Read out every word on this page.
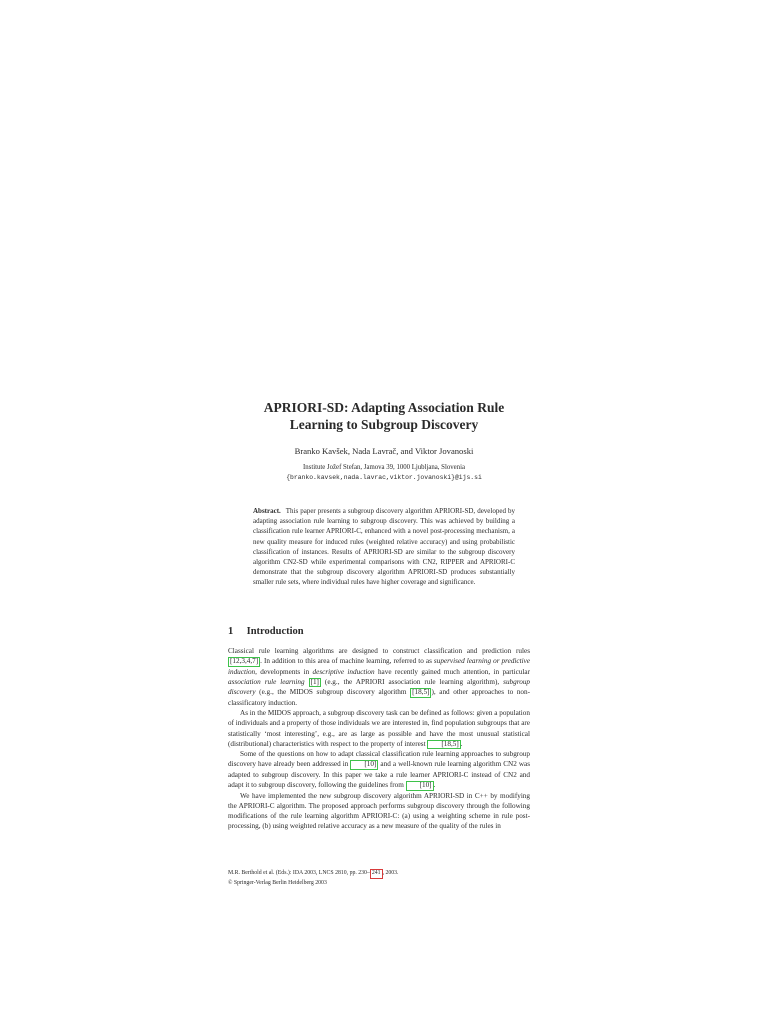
APRIORI-SD: Adapting Association Rule
Learning to Subgroup Discovery
Branko Kavšek, Nada Lavrač, and Viktor Jovanoski
Institute Jožef Stefan, Jamova 39, 1000 Ljubljana, Slovenia
{branko.kavsek,nada.lavrac,viktor.jovanoski}@ijs.si
Abstract. This paper presents a subgroup discovery algorithm APRIORI-SD, developed by adapting association rule learning to subgroup discovery. This was achieved by building a classification rule learner APRIORI-C, enhanced with a novel post-processing mechanism, a new quality measure for induced rules (weighted relative accuracy) and using probabilistic classification of instances. Results of APRIORI-SD are similar to the subgroup discovery algorithm CN2-SD while experimental comparisons with CN2, RIPPER and APRIORI-C demonstrate that the subgroup discovery algorithm APRIORI-SD produces substantially smaller rule sets, where individual rules have higher coverage and significance.
1 Introduction

Classical rule learning algorithms are designed to construct classification and prediction rules [12,3,4,7] . In addition to this area of machine learning, referred to as supervised learning or predictive induction, developments in descriptive induction have recently gained much attention, in particular association rule learning [1] (e.g., the APRIORI association rule learning algorithm), subgroup discovery (e.g., the MIDOS subgroup discovery algorithm [18,5] ), and other approaches to non-classificatory induction.

As in the MIDOS approach, a subgroup discovery task can be defined as follows: given a population of individuals and a property of those individuals we are interested in, find population subgroups that are statistically ‘most interesting’, e.g., are as large as possible and have the most unusual statistical (distributional) characteristics with respect to the property of interest [18,5] .

Some of the questions on how to adapt classical classification rule learning approaches to subgroup discovery have already been addressed in [10] and a well-known rule learning algorithm CN2 was adapted to subgroup discovery. In this paper we take a rule learner APRIORI-C instead of CN2 and adapt it to subgroup discovery, following the guidelines from [10] .

We have implemented the new subgroup discovery algorithm APRIORI-SD in C++ by modifying the APRIORI-C algorithm. The proposed approach performs subgroup discovery through the following modifications of the rule learning algorithm APRIORI-C: (a) using a weighting scheme in rule post-processing, (b) using weighted relative accuracy as a new measure of the quality of the rules in

M.R. Berthold et al. (Eds.): IDA 2003, LNCS 2810, pp. 230– 241 , 2003.
© Springer-Verlag Berlin Heidelberg 2003
